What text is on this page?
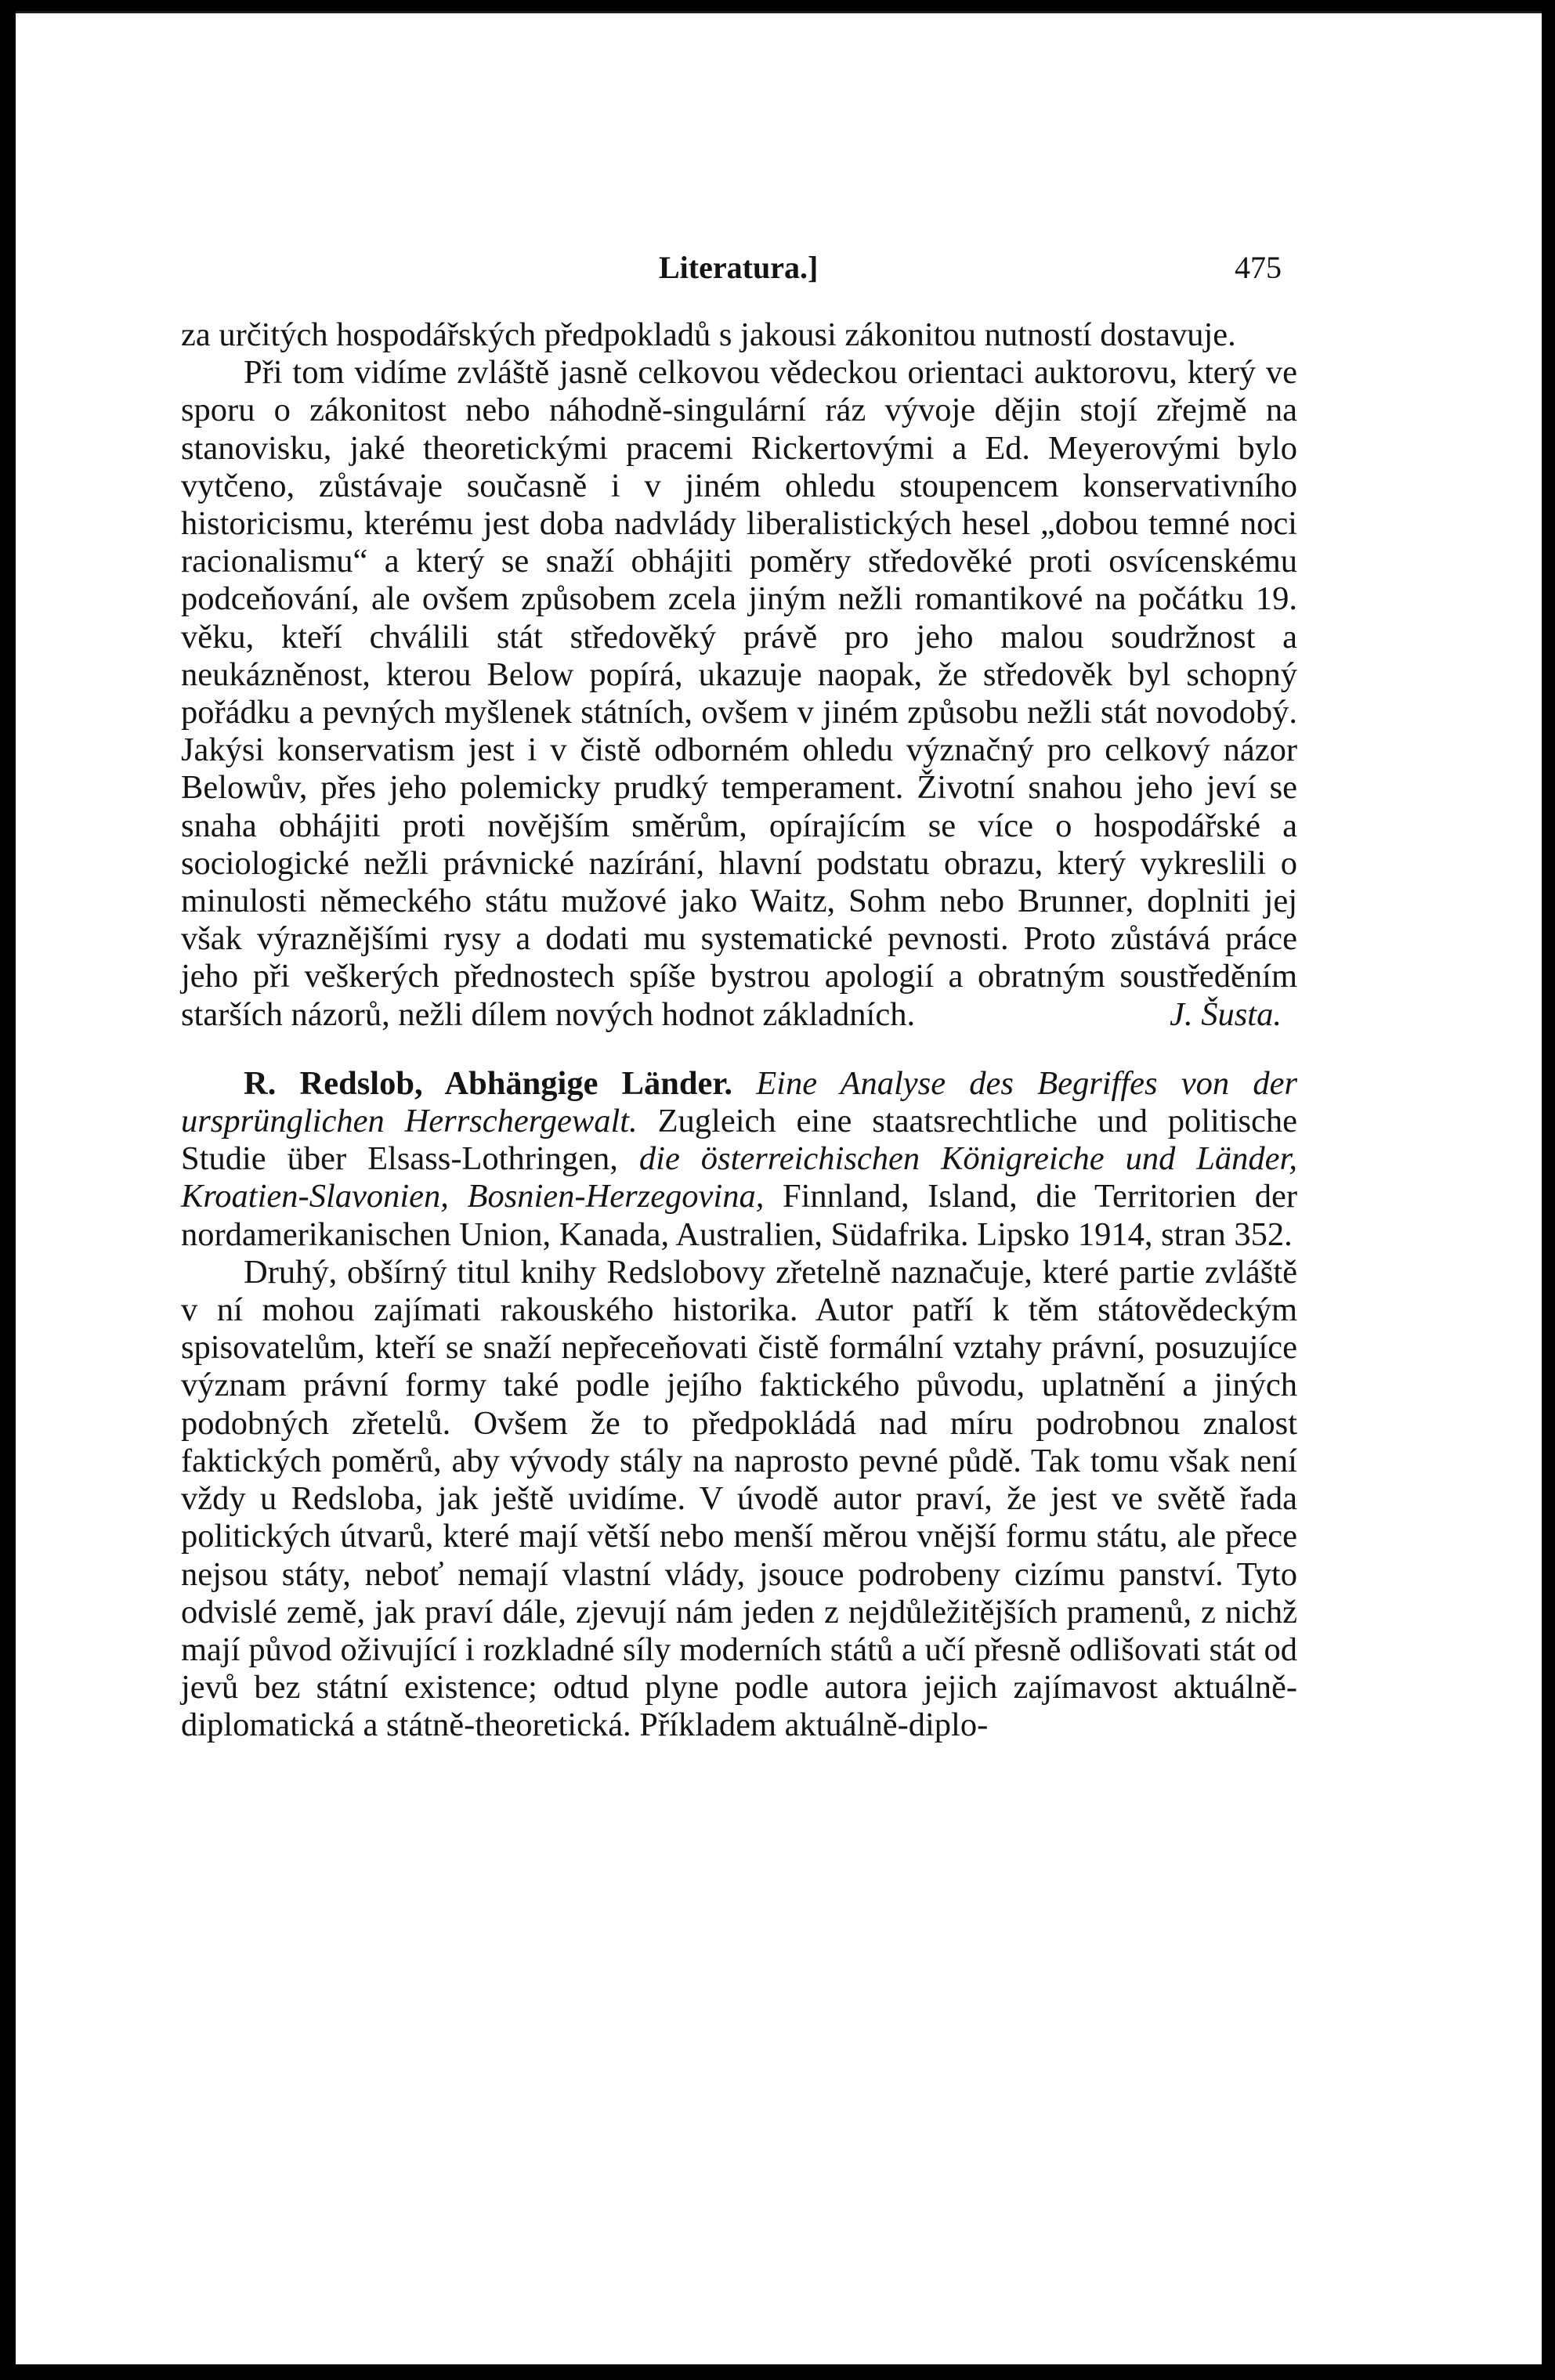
Literatura.]	475

za určitých hospodářských předpokladů s jakousi zákonitou nutností dostavuje.

Při tom vidíme zvláště jasně celkovou vědeckou orientaci auktorovu, který ve sporu o zákonitost nebo náhodně-singulární ráz vývoje dějin stojí zřejmě na stanovisku, jaké theoretickými pracemi Rickertovými a Ed. Meyerovými bylo vytčeno, zůstávaje současně i v jiném ohledu stoupencem konservativního historicismu, kterému jest doba nadvlády liberalistických hesel „dobou temné noci racionalismu“ a který se snaží obhájiti poměry středověké proti osvícenskému podceňování, ale ovšem způsobem zcela jiným nežli romantikové na počátku 19. věku, kteří chválili stát středověký právě pro jeho malou soudržnost a neukázněnost, kterou Below popírá, ukazuje naopak, že středověk byl schopný pořádku a pevných myšlenek státních, ovšem v jiném způsobu nežli stát novodobý. Jakýsi konservatism jest i v čistě odborném ohledu význačný pro celkový názor Belowův, přes jeho polemicky prudký temperament. Životní snahou jeho jeví se snaha obhájiti proti novějším směrům, opírajícím se více o hospodářské a sociologické nežli právnické nazírání, hlavní podstatu obrazu, který vykreslili o minulosti německého státu mužové jako Waitz, Sohm nebo Brunner, doplniti jej však výraznějšími rysy a dodati mu systematické pevnosti. Proto zůstává práce jeho při veškerých přednostech spíše bystrou apologií a obratným soustředěním starších názorů, nežli dílem nových hodnot základních.	J. Šusta.

R. Redslob, Abhängige Länder. Eine Analyse des Begriffes von der ursprünglichen Herrschergewalt. Zugleich eine staatsrechtliche und politische Studie über Elsass-Lothringen, die österreichischen Königreiche und Länder, Kroatien-Slavonien, Bosnien-Herzegovina, Finnland, Island, die Territorien der nordamerikanischen Union, Kanada, Australien, Südafrika. Lipsko 1914, stran 352.

Druhý, obšírný titul knihy Redslobovy zřetelně naznačuje, které partie zvláště v ní mohou zajímati rakouského historika. Autor patří k těm státovědeckým spisovatelům, kteří se snaží nepřeceňovati čistě formální vztahy právní, posuzujíce význam právní formy také podle jejího faktického původu, uplatnění a jiných podobných zřetelů. Ovšem že to předpokládá nad míru podrobnou znalost faktických poměrů, aby vývody stály na naprosto pevné půdě. Tak tomu však není vždy u Redsloba, jak ještě uvidíme. V úvodě autor praví, že jest ve světě řada politických útvarů, které mají větší nebo menší měrou vnější formu státu, ale přece nejsou státy, neboť nemají vlastní vlády, jsouce podrobeny cizímu panství. Tyto odvislé země, jak praví dále, zjevují nám jeden z nejdůležitějších pramenů, z nichž mají původ oživující i rozkladné síly moderních států a učí přesně odlišovati stát od jevů bez státní existence; odtud plyne podle autora jejich zajímavost aktuálně-diplomatická a státně-theoretická. Příkladem aktuálně-diplo-
